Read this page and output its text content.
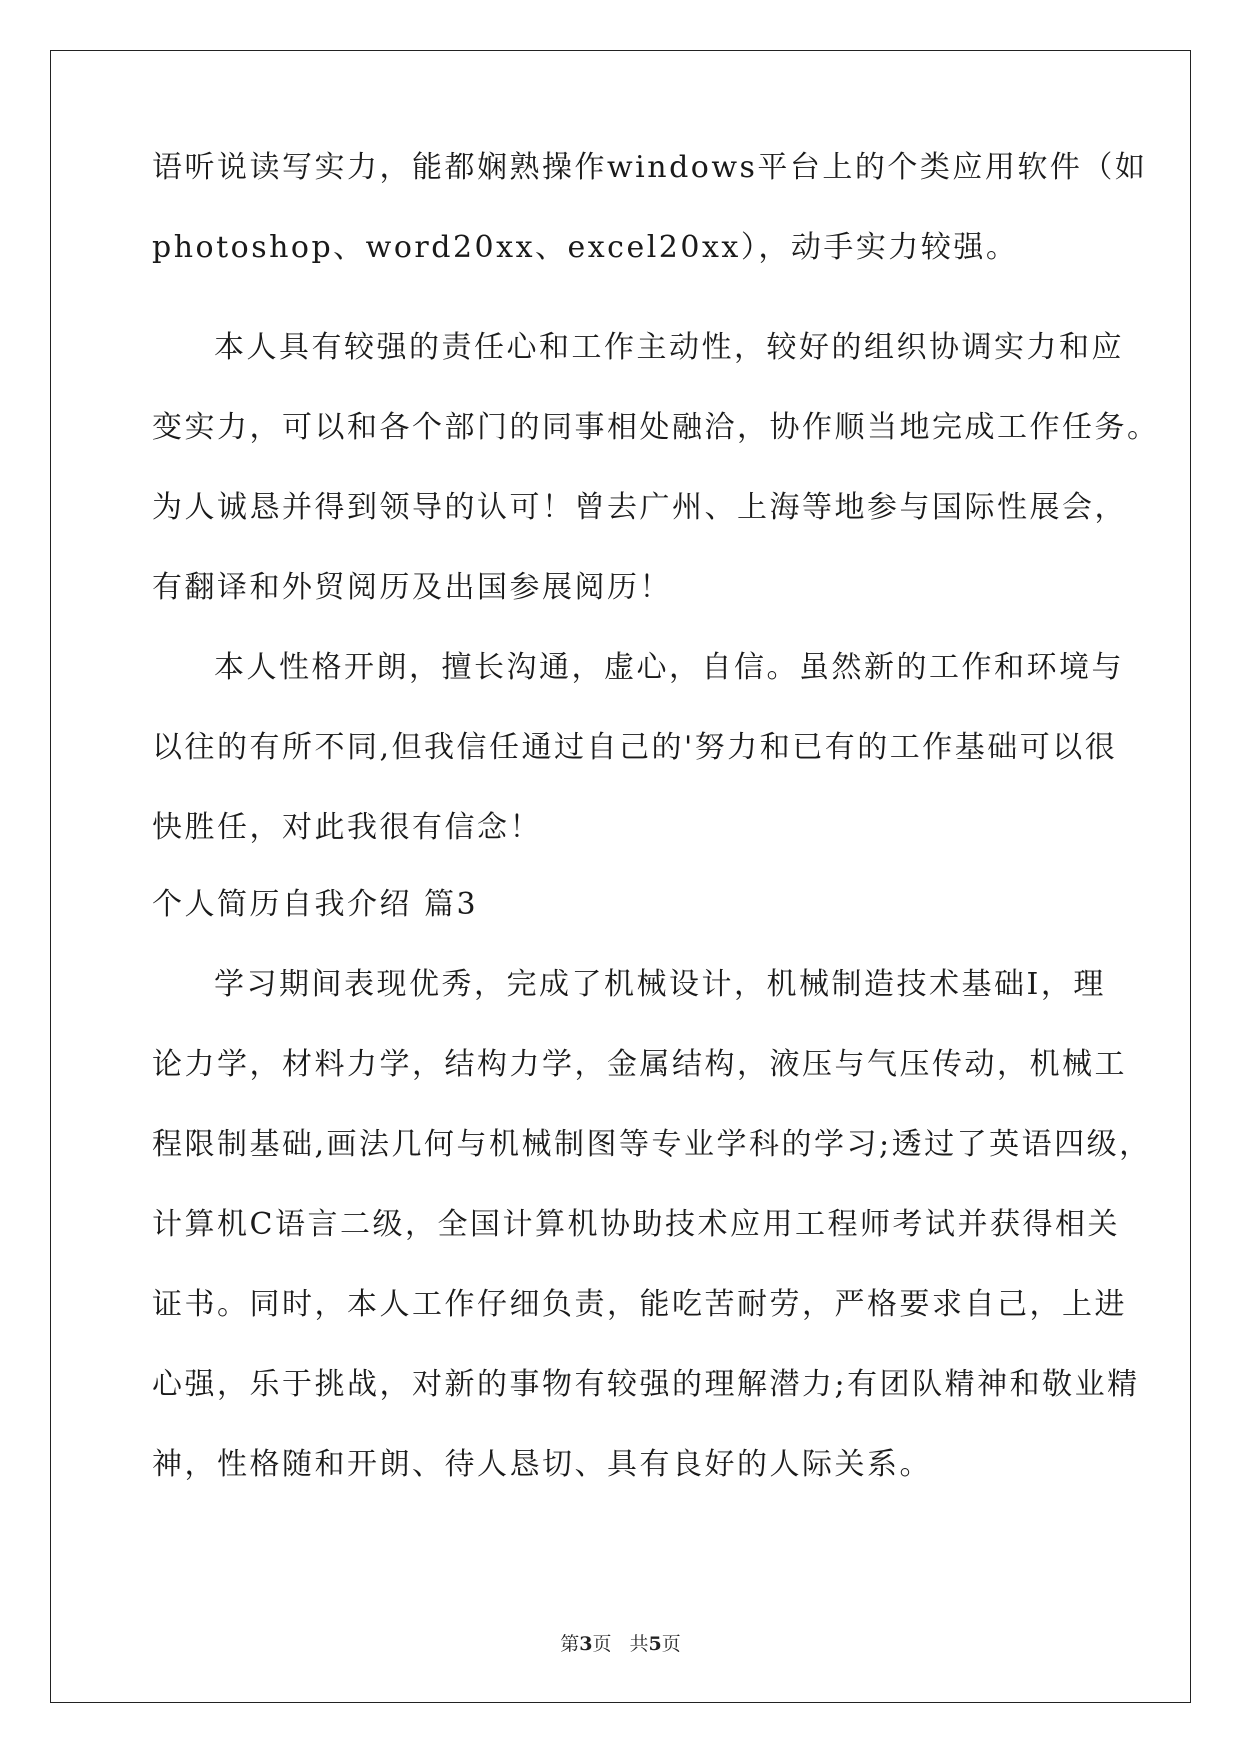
语听说读写实力，能都娴熟操作windows平台上的个类应用软件（如
photoshop、word20xx、excel20xx），动手实力较强。
本人具有较强的责任心和工作主动性，较好的组织协调实力和应
变实力，可以和各个部门的同事相处融洽，协作顺当地完成工作任务。
为人诚恳并得到领导的认可！曾去广州、上海等地参与国际性展会，
有翻译和外贸阅历及出国参展阅历！
本人性格开朗，擅长沟通，虚心，自信。虽然新的工作和环境与
以往的有所不同,但我信任通过自己的'努力和已有的工作基础可以很
快胜任，对此我很有信念！
个人简历自我介绍 篇3
学习期间表现优秀，完成了机械设计，机械制造技术基础Ⅰ，理
论力学，材料力学，结构力学，金属结构，液压与气压传动，机械工
程限制基础,画法几何与机械制图等专业学科的学习;透过了英语四级，
计算机C语言二级，全国计算机协助技术应用工程师考试并获得相关
证书。同时，本人工作仔细负责，能吃苦耐劳，严格要求自己，上进
心强，乐于挑战，对新的事物有较强的理解潜力;有团队精神和敬业精
神，性格随和开朗、待人恳切、具有良好的人际关系。
第3页 共5页
